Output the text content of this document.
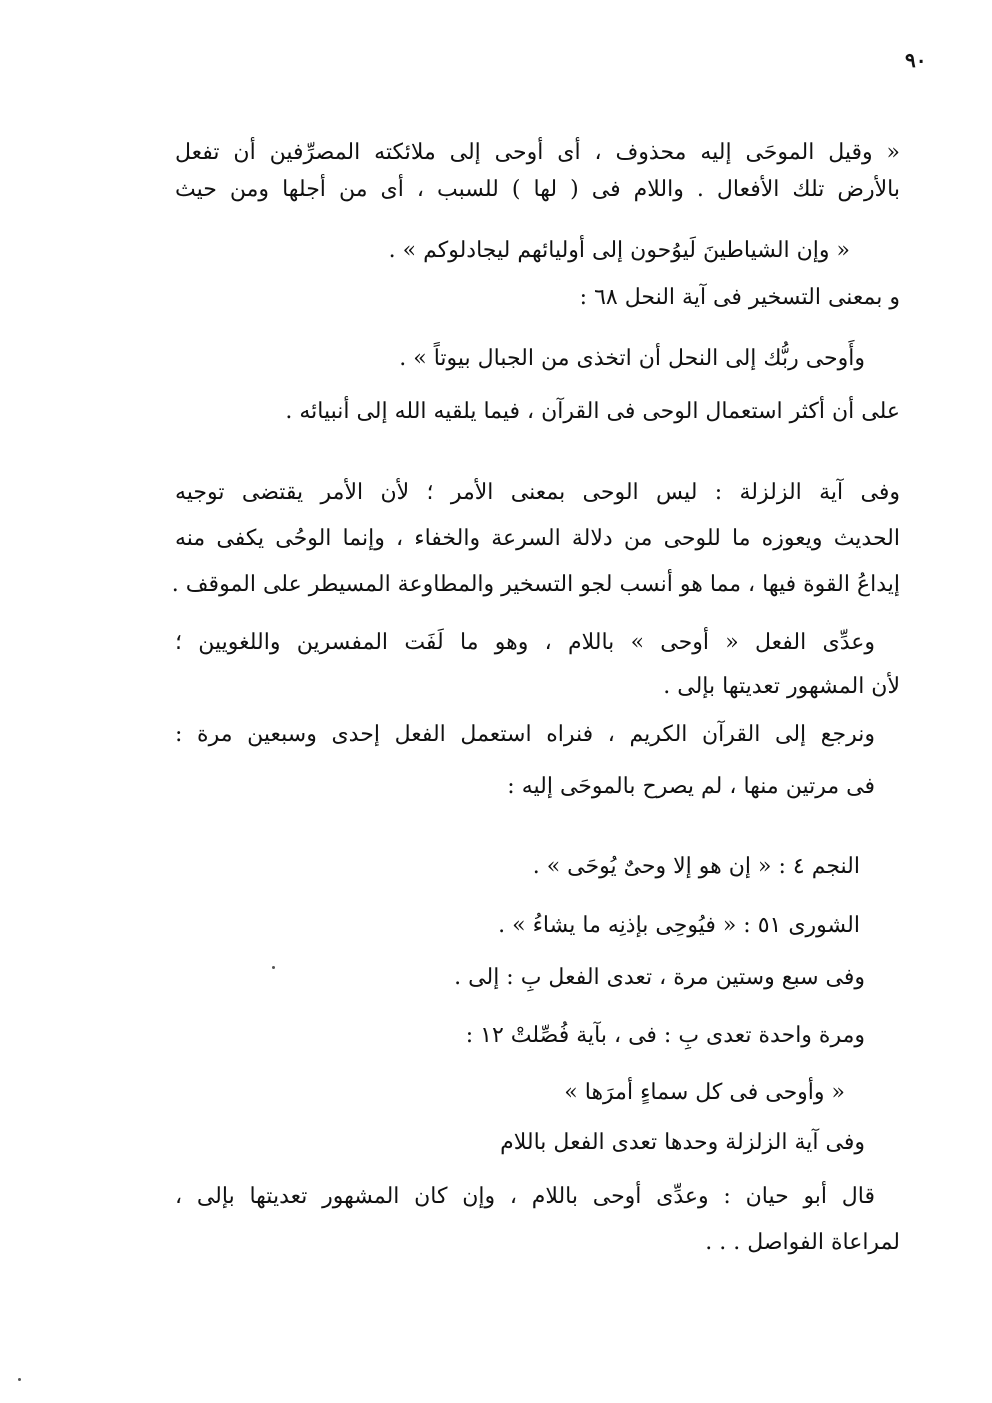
٩٠
« وقيل الموحَى إليه محذوف ، أى أوحى إلى ملائكته المصرِّفين أن تفعل
بالأرض تلك الأفعال . واللام فى ( لها ) للسبب ، أى من أجلها ومن حيث
« وإن الشياطينَ لَيوُحون إلى أوليائهم ليجادلوكم » .
و بمعنى التسخير فى آية النحل ٦٨ :
وأَوحى ربُّك إلى النحل أن اتخذى من الجبال بيوتاً » .
على أن أكثر استعمال الوحى فى القرآن ، فيما يلقيه الله إلى أنبيائه .
وفى آية الزلزلة : ليس الوحى بمعنى الأمر ؛ لأن الأمر يقتضى توجيه
الحديث ويعوزه ما للوحى من دلالة السرعة والخفاء ، وإنما الوحُى يكفى منه
إيداعُ القوة فيها ، مما هو أنسب لجو التسخير والمطاوعة المسيطر على الموقف .
وعدِّى الفعل « أوحى » باللام ، وهو ما لَفَت المفسرين واللغويين ؛
لأن المشهور تعديتها بإلى .
ونرجع إلى القرآن الكريم ، فنراه استعمل الفعل إحدى وسبعين مرة :
فى مرتين منها ، لم يصرح بالموحَى إليه :
النجم ٤ : « إن هو إلا وحىٌ يُوحَى » .
الشورى ٥١ : « فيُوحِى بإذنِه ما يشاءُ » .
وفى سبع وستين مرة ، تعدى الفعل بِ : إلى .
ومرة واحدة تعدى بِ : فى ، بآية فُصِّلتْ ١٢ :
« وأوحى فى كل سماءٍ أمرَها »
وفى آية الزلزلة وحدها تعدى الفعل باللام
قال أبو حيان : وعدِّى أوحى باللام ، وإن كان المشهور تعديتها بإلى ،
لمراعاة الفواصل . . .
